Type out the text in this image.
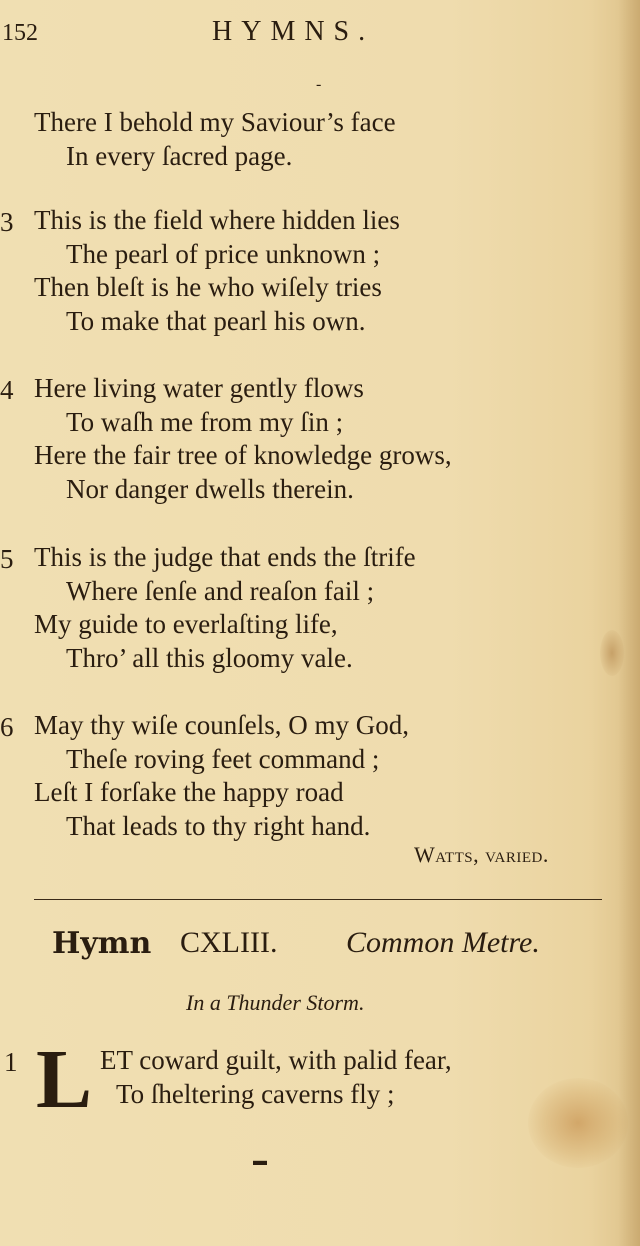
152	HYMNS.
-
There I behold my Saviour’s face
In every ſacred page.
3 This is the field where hidden lies
The pearl of price unknown ;
Then bleſt is he who wiſely tries
To make that pearl his own.
4 Here living water gently flows
To waſh me from my ſin ;
Here the fair tree of knowledge grows,
Nor danger dwells therein.
5 This is the judge that ends the ſtrife
Where ſenſe and reaſon fail ;
My guide to everlaſting life,
Thro’ all this gloomy vale.
6 May thy wiſe counſels, O my God,
Theſe roving feet command ;
Leſt I forſake the happy road
That leads to thy right hand.
Watts, varied.
Hymn CXLIII. Common Metre.
In a Thunder Storm.
1 L ET coward guilt, with palid fear,
To ſheltering caverns fly ;
▬
